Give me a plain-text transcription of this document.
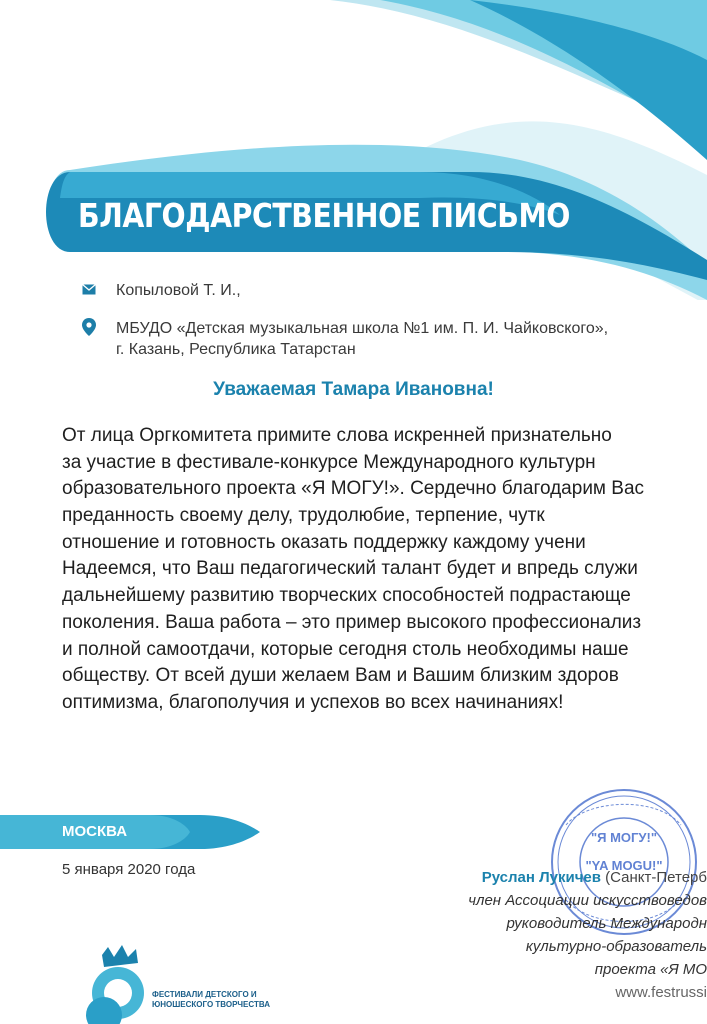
БЛАГОДАРСТВЕННОЕ ПИСЬМО
Копыловой Т. И.,
МБУДО «Детская музыкальная школа №1 им. П. И. Чайковского»,
г. Казань, Республика Татарстан
Уважаемая Тамара Ивановна!
От лица Оргкомитета примите слова искренней признательно
за участие в фестивале-конкурсе Международного культурн
образовательного проекта «Я МОГУ!». Сердечно благодарим Вас
преданность своему делу, трудолюбие, терпение, чутк
отношение и готовность оказать поддержку каждому учени
Надеемся, что Ваш педагогический талант будет и впредь служи
дальнейшему развитию творческих способностей подрастающе
поколения. Ваша работа – это пример высокого профессионализ
и полной самоотдачи, которые сегодня столь необходимы наше
обществу. От всей души желаем Вам и Вашим близким здоров
оптимизма, благополучия и успехов во всех начинаниях!
МОСКВА
5 января 2020 года
"Я МОГУ!"
"YA MOGU!"
Руслан Лукичев (Санкт-Петерб
член Ассоциации искусствоведов
руководитель Международн
культурно-образователь
проекта «Я МО
www.festrussi
ФЕСТИВАЛИ ДЕТСКОГО И
ЮНОШЕСКОГО ТВОРЧЕСТВА
